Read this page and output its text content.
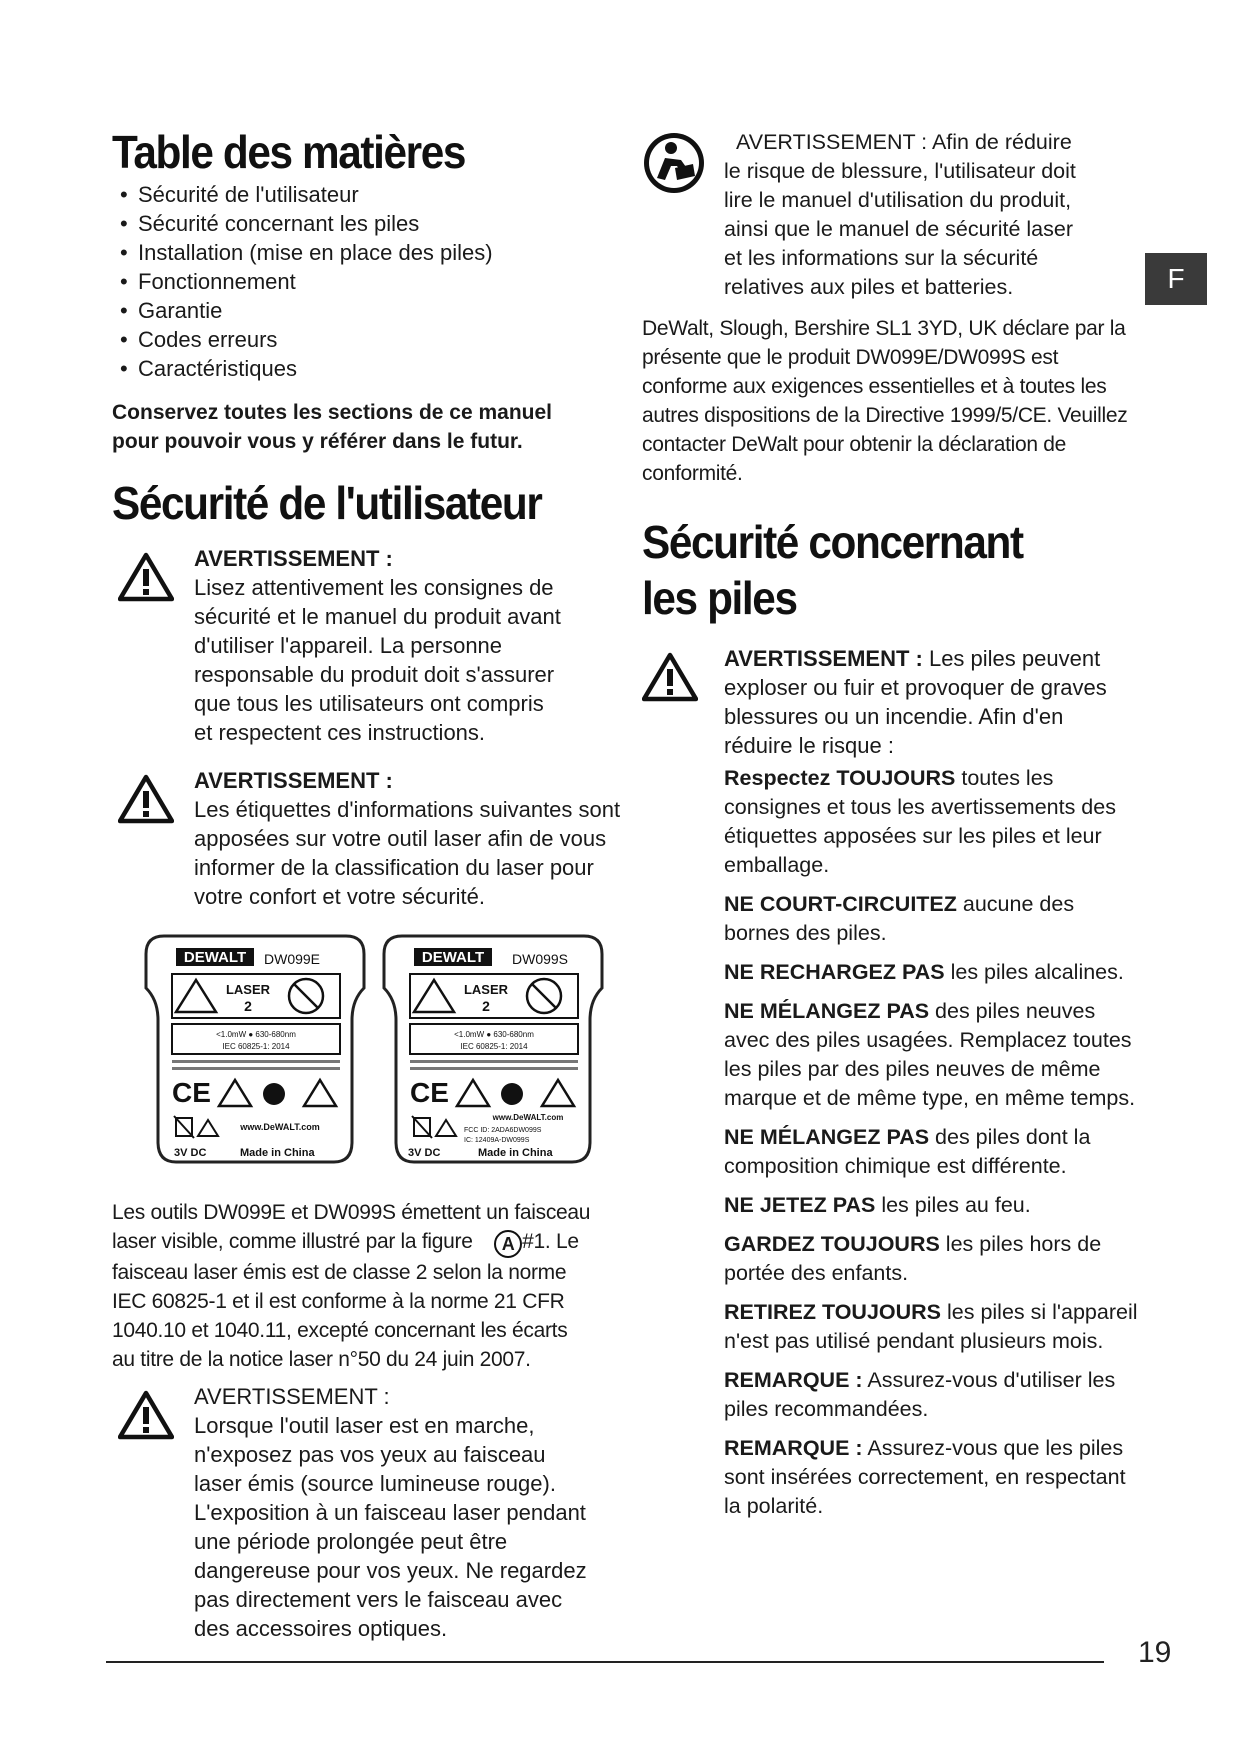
Table des matières
• Sécurité de l'utilisateur
• Sécurité concernant les piles
• Installation (mise en place des piles)
• Fonctionnement
• Garantie
• Codes erreurs
• Caractéristiques

Conservez toutes les sections de ce manuel pour pouvoir vous y référer dans le futur.

Sécurité de l'utilisateur
AVERTISSEMENT :
Lisez attentivement les consignes de sécurité et le manuel du produit avant d'utiliser l'appareil. La personne responsable du produit doit s'assurer que tous les utilisateurs ont compris et respectent ces instructions.
AVERTISSEMENT :
Les étiquettes d'informations suivantes sont apposées sur votre outil laser afin de vous informer de la classification du laser pour votre confort et votre sécurité.
DEWALT DW099E
LASER
2
<1.0mW ● 630-680nm
IEC 60825-1: 2014
CE
www.DeWALT.com
3V DC	Made in China
DEWALT DW099S
LASER
2
<1.0mW ● 630-680nm
IEC 60825-1: 2014
CE
www.DeWALT.com
FCC ID: 2ADA6DW099S
IC: 12409A-DW099S
3V DC	Made in China
Les outils DW099E et DW099S émettent un faisceau laser visible, comme illustré par la figure A #1. Le faisceau laser émis est de classe 2 selon la norme IEC 60825-1 et il est conforme à la norme 21 CFR 1040.10 et 1040.11, excepté concernant les écarts au titre de la notice laser n°50 du 24 juin 2007.
AVERTISSEMENT :
Lorsque l'outil laser est en marche, n'exposez pas vos yeux au faisceau laser émis (source lumineuse rouge). L'exposition à un faisceau laser pendant une période prolongée peut être dangereuse pour vos yeux. Ne regardez pas directement vers le faisceau avec des accessoires optiques.
AVERTISSEMENT : Afin de réduire le risque de blessure, l'utilisateur doit lire le manuel d'utilisation du produit, ainsi que le manuel de sécurité laser et les informations sur la sécurité relatives aux piles et batteries.
DeWalt, Slough, Bershire SL1 3YD, UK déclare par la présente que le produit DW099E/DW099S est conforme aux exigences essentielles et à toutes les autres dispositions de la Directive 1999/5/CE. Veuillez contacter DeWalt pour obtenir la déclaration de conformité.
Sécurité concernant les piles
AVERTISSEMENT : Les piles peuvent exploser ou fuir et provoquer de graves blessures ou un incendie. Afin d'en réduire le risque :
Respectez TOUJOURS toutes les consignes et tous les avertissements des étiquettes apposées sur les piles et leur emballage.
NE COURT-CIRCUITEZ aucune des bornes des piles.
NE RECHARGEZ PAS les piles alcalines.
NE MÉLANGEZ PAS des piles neuves avec des piles usagées. Remplacez toutes les piles par des piles neuves de même marque et de même type, en même temps.
NE MÉLANGEZ PAS des piles dont la composition chimique est différente.
NE JETEZ PAS les piles au feu.
GARDEZ TOUJOURS les piles hors de portée des enfants.
RETIREZ TOUJOURS les piles si l'appareil n'est pas utilisé pendant plusieurs mois.
REMARQUE : Assurez-vous d'utiliser les piles recommandées.
REMARQUE : Assurez-vous que les piles sont insérées correctement, en respectant la polarité.
F
19
